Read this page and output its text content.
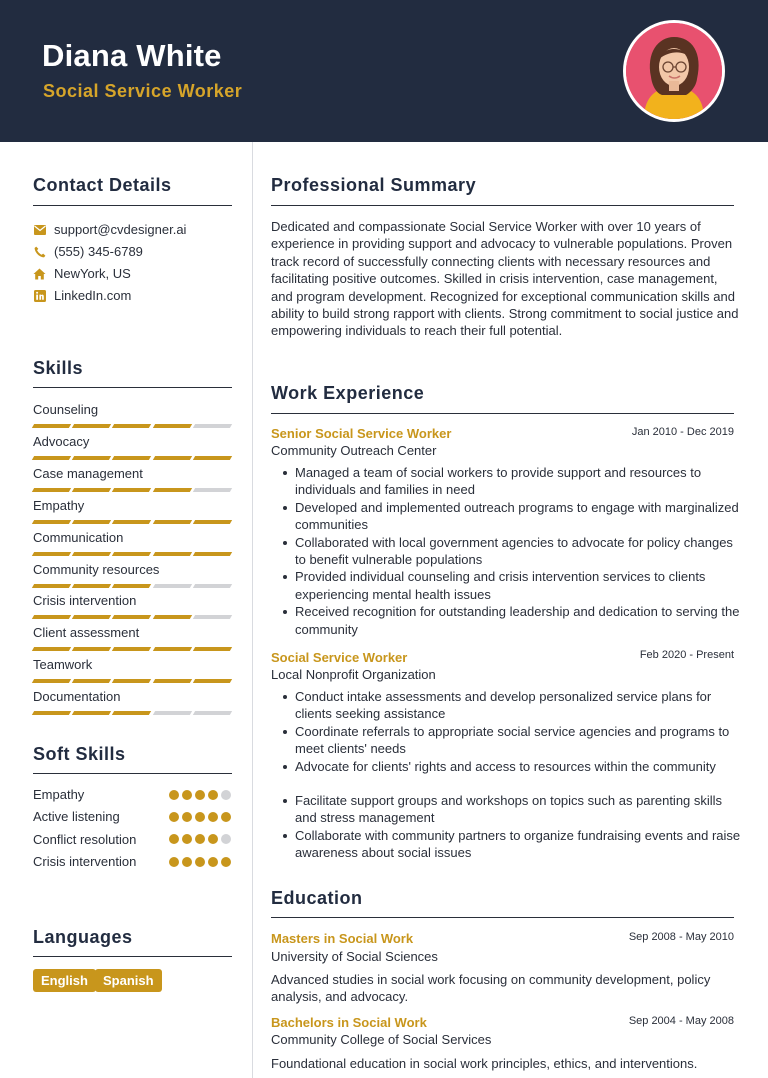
Diana White
Social Service Worker
Contact Details
support@cvdesigner.ai
(555) 345-6789
NewYork, US
LinkedIn.com
Skills
Counseling
Advocacy
Case management
Empathy
Communication
Community resources
Crisis intervention
Client assessment
Teamwork
Documentation
Soft Skills
Empathy
Active listening
Conflict resolution
Crisis intervention
Languages
English	Spanish
Professional Summary
Dedicated and compassionate Social Service Worker with over 10 years of experience in providing support and advocacy to vulnerable populations. Proven track record of successfully connecting clients with necessary resources and facilitating positive outcomes. Skilled in crisis intervention, case management, and program development. Recognized for exceptional communication skills and ability to build strong rapport with clients. Strong commitment to social justice and empowering individuals to reach their full potential.
Work Experience
Senior Social Service Worker	Jan 2010 - Dec 2019
Community Outreach Center
Managed a team of social workers to provide support and resources to individuals and families in need
Developed and implemented outreach programs to engage with marginalized communities
Collaborated with local government agencies to advocate for policy changes to benefit vulnerable populations
Provided individual counseling and crisis intervention services to clients experiencing mental health issues
Received recognition for outstanding leadership and dedication to serving the community
Social Service Worker	Feb 2020 - Present
Local Nonprofit Organization
Conduct intake assessments and develop personalized service plans for clients seeking assistance
Coordinate referrals to appropriate social service agencies and programs to meet clients' needs
Advocate for clients' rights and access to resources within the community
Facilitate support groups and workshops on topics such as parenting skills and stress management
Collaborate with community partners to organize fundraising events and raise awareness about social issues
Education
Masters in Social Work	Sep 2008 - May 2010
University of Social Sciences
Advanced studies in social work focusing on community development, policy analysis, and advocacy.
Bachelors in Social Work	Sep 2004 - May 2008
Community College of Social Services
Foundational education in social work principles, ethics, and interventions.
